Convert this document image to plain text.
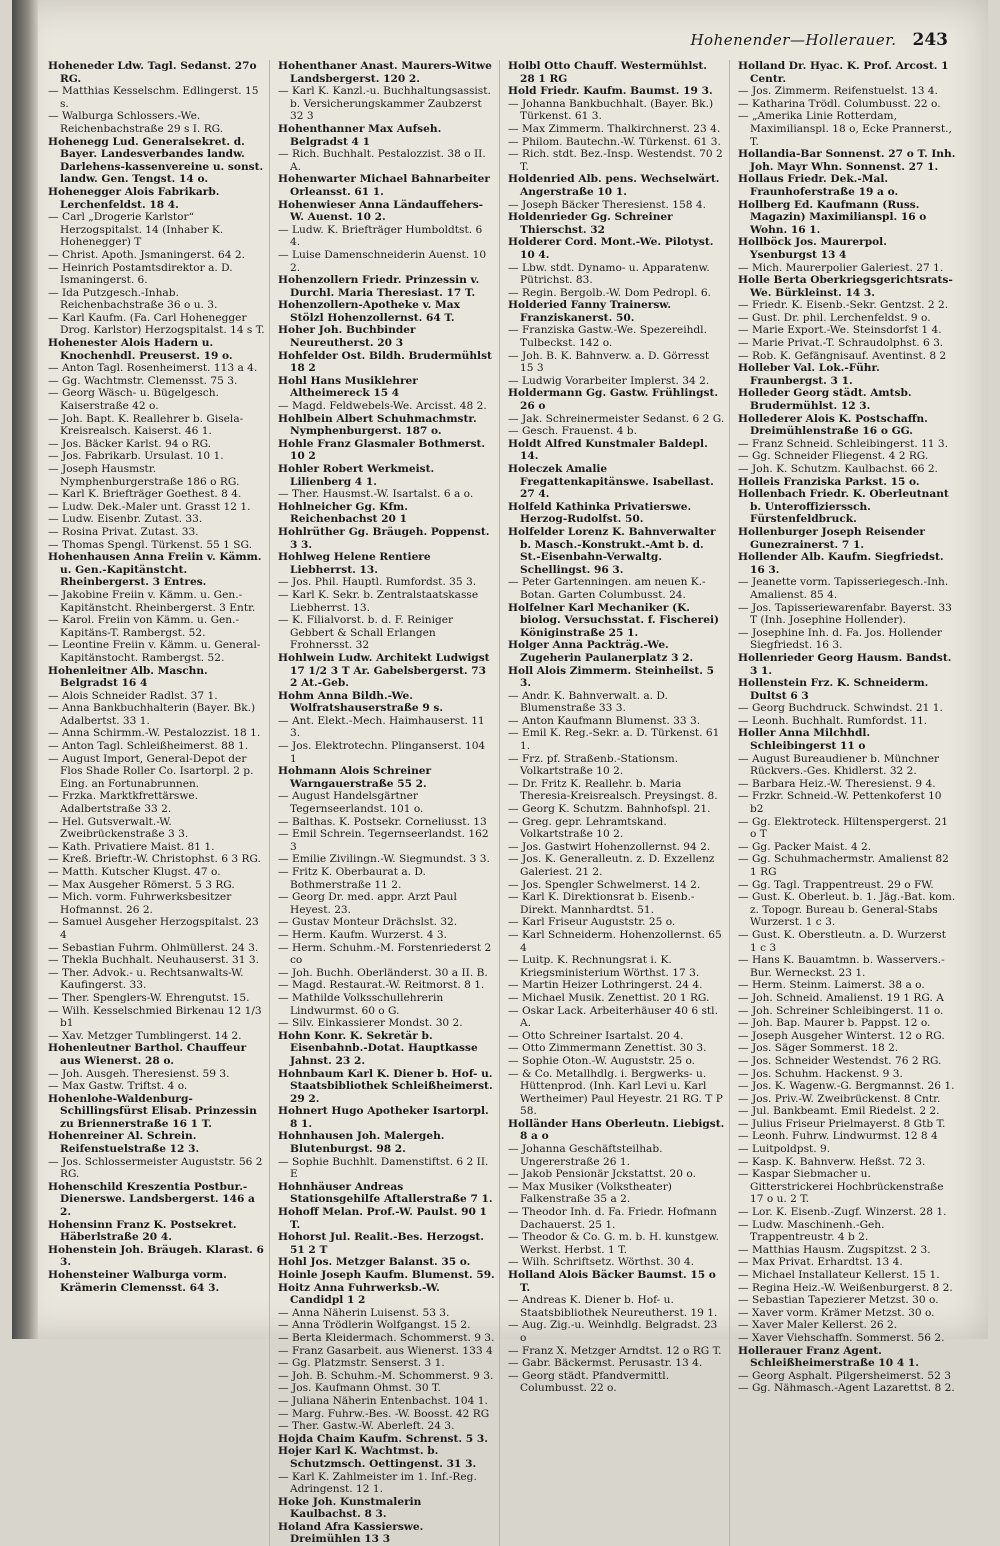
Hohenender—Hollerauer. 243

Hoheneder Ldw. Tagl. Sedanst. 27o RG.

— Matthias Kesselschm. Edlingerst. 15 s.

— Walburga Schlossers.-We. Reichenbachstraße 29 s I. RG.

Hohenegg Lud. Generalsekret. d. Bayer. Landesverbandes landw. Darlehens-kassenvereine u. sonst. landw. Gen. Tengst. 14 o.

Hohenegger Alois Fabrikarb. Lerchenfeldst. 18 4.

— Carl „Drogerie Karlstor“ Herzogspitalst. 14 (Inhaber K. Hohenegger) T

— Christ. Apoth. Jsmaningerst. 64 2.

— Heinrich Postamtsdirektor a. D. Ismaningerst. 6.

— Ida Putzgesch.-Inhab. Reichenbachstraße 36 o u. 3.

— Karl Kaufm. (Fa. Carl Hohenegger Drog. Karlstor) Herzogspitalst. 14 s T.

Hohenester Alois Hadern u. Knochenhdl. Preuserst. 19 o.

— Anton Tagl. Rosenheimerst. 113 a 4.

— Gg. Wachtmstr. Clemensst. 75 3.

— Georg Wäsch- u. Bügelgesch. Kaiserstraße 42 o.

— Joh. Bapt. K. Reallehrer b. Gisela-Kreisrealsch. Kaiserst. 46 1.

— Jos. Bäcker Karlst. 94 o RG.

— Jos. Fabrikarb. Ursulast. 10 1.

— Joseph Hausmstr. Nymphenburgerstraße 186 o RG.

— Karl K. Briefträger Goethest. 8 4.

— Ludw. Dek.-Maler unt. Grasst 12 1.

— Ludw. Eisenbr. Zutast. 33.

— Rosina Privat. Zutast. 33.

— Thomas Spengl. Türkenst. 55 1 SG.

Hohenhausen Anna Freiin v. Kämm. u. Gen.-Kapitänstcht. Rheinbergerst. 3 Entres.

— Jakobine Freiin v. Kämm. u. Gen.-Kapitänstcht. Rheinbergerst. 3 Entr.

— Karol. Freiin von Kämm. u. Gen.-Kapitäns-T. Rambergst. 52.

— Leontine Freiin v. Kämm. u. General-Kapitänstocht. Rambergst. 52.

Hohenleitner Alb. Maschn. Belgradst 16 4

— Alois Schneider Radlst. 37 1.

— Anna Bankbuchhalterin (Bayer. Bk.) Adalbertst. 33 1.

— Anna Schirmm.-W. Pestalozzist. 18 1.

— Anton Tagl. Schleißheimerst. 88 1.

— August Import, General-Depot der Flos Shade Roller Co. Isartorpl. 2 p. Eing. an Fortunabrunnen.

— Frzka. Marktkfrettärswe. Adalbertstraße 33 2.

— Hel. Gutsverwalt.-W. Zweibrückenstraße 3 3.

— Kath. Privatiere Maist. 81 1.

— Kreß. Brieftr.-W. Christophst. 6 3 RG.

— Matth. Kutscher Klugst. 47 o.

— Max Ausgeher Römerst. 5 3 RG.

— Mich. vorm. Fuhrwerksbesitzer Hofmannst. 26 2.

— Samuel Ausgeher Herzogspitalst. 23 4

— Sebastian Fuhrm. Ohlmüllerst. 24 3.

— Thekla Buchhalt. Neuhauserst. 31 3.

— Ther. Advok.- u. Rechtsanwalts-W. Kaufingerst. 33.

— Ther. Spenglers-W. Ehrengutst. 15.

— Wilh. Kesselschmied Birkenau 12 1/3 b1

— Xav. Metzger Tumblingerst. 14 2.

Hohenleutner Barthol. Chauffeur aus Wienerst. 28 o.

— Joh. Ausgeh. Theresienst. 59 3.

— Max Gastw. Triftst. 4 o.

Hohenlohe-Waldenburg-Schillingsfürst Elisab. Prinzessin zu Briennerstraße 16 1 T.

Hohenreiner Al. Schrein. Reifenstuelstraße 12 3.

— Jos. Schlossermeister Auguststr. 56 2 RG.

Hohenschild Kreszentia Postbur.-Dienerswe. Landsbergerst. 146 a 2.

Hohensinn Franz K. Postsekret. Häberlstraße 20 4.

Hohenstein Joh. Bräugeh. Klarast. 6 3.

Hohensteiner Walburga vorm. Krämerin Clemensst. 64 3.

Hohenthaner Anast. Maurers-Witwe Landsbergerst. 120 2.

— Karl K. Kanzl.-u. Buchhaltungsassist. b. Versicherungskammer Zaubzerst 32 3

Hohenthanner Max Aufseh. Belgradst 4 1

— Rich. Buchhalt. Pestalozzist. 38 o II. A.

Hohenwarter Michael Bahnarbeiter Orleansst. 61 1.

Hohenwieser Anna Ländauffehers-W. Auenst. 10 2.

— Ludw. K. Briefträger Humboldtst. 6 4.

— Luise Damenschneiderin Auenst. 10 2.

Hohenzollern Friedr. Prinzessin v. Durchl. Maria Theresiast. 17 T.

Hohenzollern-Apotheke v. Max Stölzl Hohenzollernst. 64 T.

Hoher Joh. Buchbinder Neureutherst. 20 3

Hohfelder Ost. Bildh. Brudermühlst 18 2

Hohl Hans Musiklehrer Altheimereck 15 4

— Magd. Feldwebels-We. Arcisst. 48 2.

Hohlbein Albert Schuhmachmstr. Nymphenburgerst. 187 o.

Hohle Franz Glasmaler Bothmerst. 10 2

Hohler Robert Werkmeist. Lilienberg 4 1.

— Ther. Hausmst.-W. Isartalst. 6 a o.

Hohlneicher Gg. Kfm. Reichenbachst 20 1

Hohlrüther Gg. Bräugeh. Poppenst. 3 3.

Hohlweg Helene Rentiere Liebherrst. 13.

— Jos. Phil. Hauptl. Rumfordst. 35 3.

— Karl K. Sekr. b. Zentralstaatskasse Liebherrst. 13.

— K. Filialvorst. b. d. F. Reiniger Gebbert & Schall Erlangen Frohnersst. 32

Hohlwein Ludw. Architekt Ludwigst 17 1/2 3 T Ar. Gabelsbergerst. 73 2 At.-Geb.

Hohm Anna Bildh.-We. Wolfratshauserstraße 9 s.

— Ant. Elekt.-Mech. Haimhauserst. 11 3.

— Jos. Elektrotechn. Plinganserst. 104 1

Hohmann Alois Schreiner Warngauerstraße 55 2.

— August Handelsgärtner Tegernseerlandst. 101 o.

— Balthas. K. Postsekr. Corneliusst. 13

— Emil Schrein. Tegernseerlandst. 162 3

— Emilie Zivilingn.-W. Siegmundst. 3 3.

— Fritz K. Oberbaurat a. D. Bothmerstraße 11 2.

— Georg Dr. med. appr. Arzt Paul Heyest. 23.

— Gustav Monteur Drächslst. 32.

— Herm. Kaufm. Wurzerst. 4 3.

— Herm. Schuhm.-M. Forstenriederst 2 co

— Joh. Buchh. Oberländerst. 30 a II. B.

— Magd. Restaurat.-W. Reitmorst. 8 1.

— Mathilde Volksschullehrerin Lindwurmst. 60 o G.

— Silv. Einkassierer Mondst. 30 2.

Hohn Konr. K. Sekretär b. Eisenbahnb.-Dotat. Hauptkasse Jahnst. 23 2.

Hohnbaum Karl K. Diener b. Hof- u. Staatsbibliothek Schleißheimerst. 29 2.

Hohnert Hugo Apotheker Isartorpl. 8 1.

Hohnhausen Joh. Malergeh. Blutenburgst. 98 2.

— Sophie Buchhlt. Damenstiftst. 6 2 II. E

Hohnhäuser Andreas Stationsgehilfe Aftallerstraße 7 1.

Hohoff Melan. Prof.-W. Paulst. 90 1 T.

Hohorst Jul. Realit.-Bes. Herzogst. 51 2 T

Hohl Jos. Metzger Balanst. 35 o.

Hoinle Joseph Kaufm. Blumenst. 59.

Hoitz Anna Fuhrwerksb.-W. Candidpl 1 2

— Anna Näherin Luisenst. 53 3.

— Anna Trödlerin Wolfgangst. 15 2.

— Berta Kleidermach. Schommerst. 9 3.

— Franz Gasarbeit. aus Wienerst. 133 4

— Gg. Platzmstr. Senserst. 3 1.

— Joh. B. Schuhm.-M. Schommerst. 9 3.

— Jos. Kaufmann Ohmst. 30 T.

— Juliana Näherin Entenbachst. 104 1.

— Marg. Fuhrw.-Bes. -W. Boosst. 42 RG

— Ther. Gastw.-W. Aberleft. 24 3.

Hojda Chaim Kaufm. Schrenst. 5 3.

Hojer Karl K. Wachtmst. b. Schutzmsch. Oettingenst. 31 3.

— Karl K. Zahlmeister im 1. Inf.-Reg. Adringenst. 12 1.

Hoke Joh. Kunstmalerin Kaulbachst. 8 3.

Holand Afra Kassierswe. Dreimühlen 13 3

Holbl Otto Chauff. Westermühlst. 28 1 RG

Hold Friedr. Kaufm. Baumst. 19 3.

— Johanna Bankbuchhalt. (Bayer. Bk.) Türkenst. 61 3.

— Max Zimmerm. Thalkirchnerst. 23 4.

— Philom. Bautechn.-W. Türkenst. 61 3.

— Rich. stdt. Bez.-Insp. Westendst. 70 2 T.

Holdenried Alb. pens. Wechselwärt. Angerstraße 10 1.

— Joseph Bäcker Theresienst. 158 4.

Holdenrieder Gg. Schreiner Thierschst. 32

Holderer Cord. Mont.-We. Pilotyst. 10 4.

— Lbw. stdt. Dynamo- u. Apparatenw. Pütrichst. 83.

— Regin. Bergolb.-W. Dom Pedropl. 6.

Holderied Fanny Trainersw. Franziskanerst. 50.

— Franziska Gastw.-We. Spezereihdl. Tulbeckst. 142 o.

— Joh. B. K. Bahnverw. a. D. Görresst 15 3

— Ludwig Vorarbeiter Implerst. 34 2.

Holdermann Gg. Gastw. Frühlingst. 26 o

— Jak. Schreinermeister Sedanst. 6 2 G.

— Gesch. Frauenst. 4 b.

Holdt Alfred Kunstmaler Baldepl. 14.

Holeczek Amalie Fregattenkapitänswe. Isabellast. 27 4.

Holfeld Kathinka Privatierswe. Herzog-Rudolfst. 50.

Holfelder Lorenz K. Bahnverwalter b. Masch.-Konstrukt.-Amt b. d. St.-Eisenbahn-Verwaltg. Schellingst. 96 3.

— Peter Gartenningen. am neuen K.-Botan. Garten Columbusst. 24.

Holfelner Karl Mechaniker (K. biolog. Versuchsstat. f. Fischerei) Königinstraße 25 1.

Holger Anna Packträg.-We. Zugeherin Paulanerplatz 3 2.

Holl Alois Zimmerm. Steinheilst. 5 3.

— Andr. K. Bahnverwalt. a. D. Blumenstraße 33 3.

— Anton Kaufmann Blumenst. 33 3.

— Emil K. Reg.-Sekr. a. D. Türkenst. 61 1.

— Frz. pf. Straßenb.-Stationsm. Volkartstraße 10 2.

— Dr. Fritz K. Reallehr. b. Maria Theresia-Kreisrealsch. Preysingst. 8.

— Georg K. Schutzm. Bahnhofspl. 21.

— Greg. gepr. Lehramtskand. Volkartstraße 10 2.

— Jos. Gastwirt Hohenzollernst. 94 2.

— Jos. K. Generalleutn. z. D. Exzellenz Galeriest. 21 2.

— Jos. Spengler Schwelmerst. 14 2.

— Karl K. Direktionsrat b. Eisenb.-Direkt. Mannhardtst. 51.

— Karl Friseur Auguststr. 25 o.

— Karl Schneiderm. Hohenzollernst. 65 4

— Luitp. K. Rechnungsrat i. K. Kriegsministerium Wörthst. 17 3.

— Martin Heizer Lothringerst. 24 4.

— Michael Musik. Zenettist. 20 1 RG.

— Oskar Lack. Arbeiterhäuser 40 6 stl. A.

— Otto Schreiner Isartalst. 20 4.

— Otto Zimmermann Zenettist. 30 3.

— Sophie Oton.-W. Auguststr. 25 o.

— & Co. Metallhdlg. i. Bergwerks- u. Hüttenprod. (Inh. Karl Levi u. Karl Wertheimer) Paul Heyestr. 21 RG. T P 58.

Holländer Hans Oberleutn. Liebigst. 8 a o

— Johanna Geschäftsteilhab. Ungererstraße 26 1.

— Jakob Pensionär Jckstattst. 20 o.

— Max Musiker (Volkstheater) Falkenstraße 35 a 2.

— Theodor Inh. d. Fa. Friedr. Hofmann Dachauerst. 25 1.

— Theodor & Co. G. m. b. H. kunstgew. Werkst. Herbst. 1 T.

— Wilh. Schriftsetz. Wörthst. 30 4.

Holland Alois Bäcker Baumst. 15 o T.

— Andreas K. Diener b. Hof- u. Staatsbibliothek Neureutherst. 19 1.

— Aug. Zig.-u. Weinhdlg. Belgradst. 23 o

— Franz X. Metzger Arndtst. 12 o RG T.

— Gabr. Bäckermst. Perusastr. 13 4.

— Georg städt. Pfandvermittl. Columbusst. 22 o.

Holland Dr. Hyac. K. Prof. Arcost. 1 Centr.

— Jos. Zimmerm. Reifenstuelst. 13 4.

— Katharina Trödl. Columbusst. 22 o.

— „Amerika Linie Rotterdam, Maximilianspl. 18 o, Ecke Prannerst., T.

Hollandia-Bar Sonnenst. 27 o T. Inh. Joh. Mayr Whn. Sonnenst. 27 1.

Hollaus Friedr. Dek.-Mal. Fraunhoferstraße 19 a o.

Hollberg Ed. Kaufmann (Russ. Magazin) Maximilianspl. 16 o Wohn. 16 1.

Hollböck Jos. Maurerpol. Ysenburgst 13 4

— Mich. Maurerpolier Galeriest. 27 1.

Holle Berta Oberkriegsgerichtsrats-We. Bürkleinst. 14 3.

— Friedr. K. Eisenb.-Sekr. Gentzst. 2 2.

— Gust. Dr. phil. Lerchenfeldst. 9 o.

— Marie Export.-We. Steinsdorfst 1 4.

— Marie Privat.-T. Schraudolphst. 6 3.

— Rob. K. Gefängnisauf. Aventinst. 8 2

Holleber Val. Lok.-Führ. Fraunbergst. 3 1.

Holleder Georg städt. Amtsb. Brudermühlst. 12 3.

Hollederer Alois K. Postschaffn. Dreimühlenstraße 16 o GG.

— Franz Schneid. Schleibingerst. 11 3.

— Gg. Schneider Fliegenst. 4 2 RG.

— Joh. K. Schutzm. Kaulbachst. 66 2.

Holleis Franziska Parkst. 15 o.

Hollenbach Friedr. K. Oberleutnant b. Unteroffizierssch. Fürstenfeldbruck.

Hollenburger Joseph Reisender Gunezrainerst. 7 1.

Hollender Alb. Kaufm. Siegfriedst. 16 3.

— Jeanette vorm. Tapisseriegesch.-Inh. Amalienst. 85 4.

— Jos. Tapisseriewarenfabr. Bayerst. 33 T (Inh. Josephine Hollender).

— Josephine Inh. d. Fa. Jos. Hollender Siegfriedst. 16 3.

Hollenrieder Georg Hausm. Bandst. 3 1.

Hollenstein Frz. K. Schneiderm. Dultst 6 3

— Georg Buchdruck. Schwindst. 21 1.

— Leonh. Buchhalt. Rumfordst. 11.

Holler Anna Milchhdl. Schleibingerst 11 o

— August Bureaudiener b. Münchner Rückvers.-Ges. Khidlerst. 32 2.

— Barbara Heiz.-W. Theresienst. 9 4.

— Frzkr. Schneid.-W. Pettenkoferst 10 b2

— Gg. Elektroteck. Hiltenspergerst. 21 o T

— Gg. Packer Maist. 4 2.

— Gg. Schuhmachermstr. Amalienst 82 1 RG

— Gg. Tagl. Trappentreust. 29 o FW.

— Gust. K. Oberleut. b. 1. Jäg.-Bat. kom. z. Topogr. Bureau b. General-Stabs Wurzerst. 1 c 3.

— Gust. K. Oberstleutn. a. D. Wurzerst 1 c 3

— Hans K. Bauamtmn. b. Wasservers.-Bur. Werneckst. 23 1.

— Herm. Steinm. Laimerst. 38 a o.

— Joh. Schneid. Amalienst. 19 1 RG. A

— Joh. Schreiner Schleibingerst. 11 o.

— Joh. Bap. Maurer b. Pappst. 12 o.

— Joseph Ausgeher Winterst. 12 o RG.

— Jos. Säger Sommerst. 18 2.

— Jos. Schneider Westendst. 76 2 RG.

— Jos. Schuhm. Hackenst. 9 3.

— Jos. K. Wagenw.-G. Bergmannst. 26 1.

— Jos. Priv.-W. Zweibrückenst. 8 Cntr.

— Jul. Bankbeamt. Emil Riedelst. 2 2.

— Julius Friseur Prielmayerst. 8 Gtb T.

— Leonh. Fuhrw. Lindwurmst. 12 8 4

— Luitpoldpst. 9.

— Kasp. K. Bahnverw. Heßst. 72 3.

— Kaspar Siebmacher u. Gitterstrickerei Hochbrückenstraße 17 o u. 2 T.

— Lor. K. Eisenb.-Zugf. Winzerst. 28 1.

— Ludw. Maschinenh.-Geh. Trappentreustr. 4 b 2.

— Matthias Hausm. Zugspitzst. 2 3.

— Max Privat. Erhardtst. 13 4.

— Michael Installateur Kellerst. 15 1.

— Regina Heiz.-W. Weißenburgerst. 8 2.

— Sebastian Tapezierer Metzst. 30 o.

— Xaver vorm. Krämer Metzst. 30 o.

— Xaver Maler Kellerst. 26 2.

— Xaver Viehschaffn. Sommerst. 56 2.

Hollerauer Franz Agent. Schleißheimerstraße 10 4 1.

— Georg Asphalt. Pilgersheimerst. 52 3

— Gg. Nähmasch.-Agent Lazarettst. 8 2.
